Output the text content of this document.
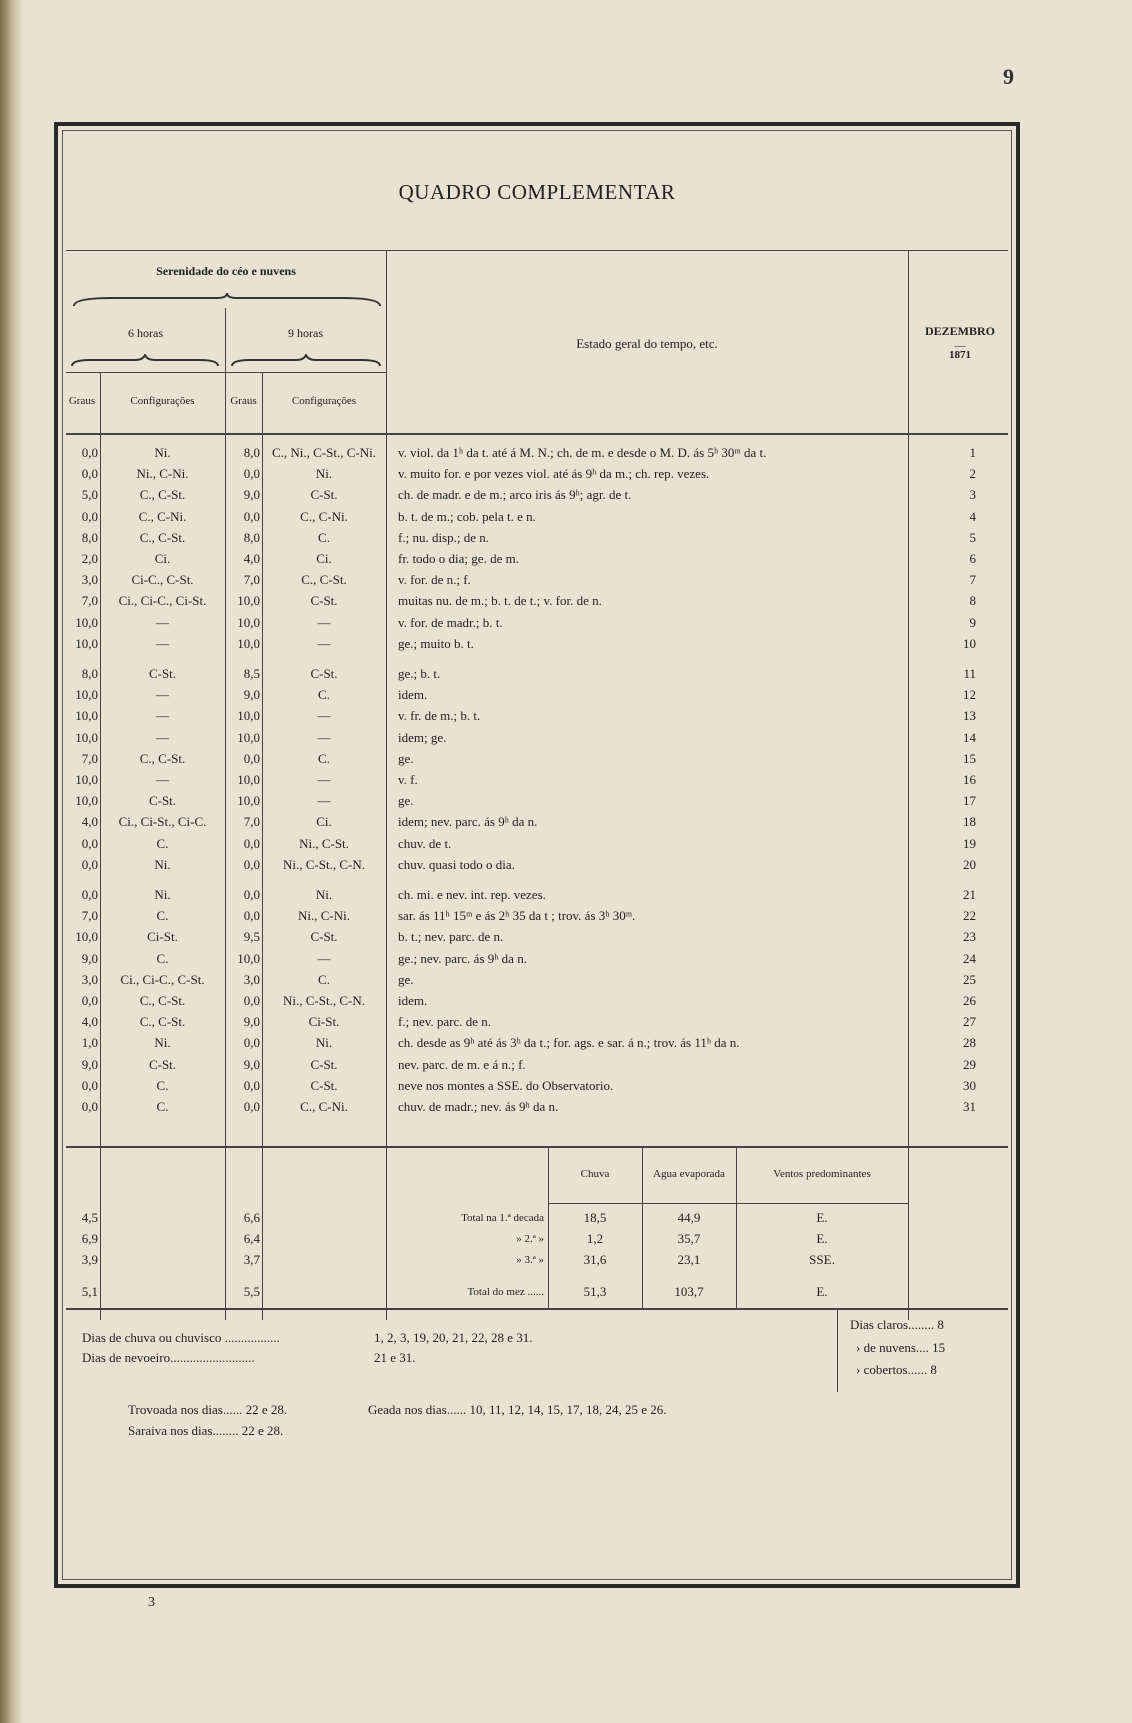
9
QUADRO COMPLEMENTAR
Serenidade do céo e nuvens
6 horas	9 horas
Estado geral do tempo, etc.
DEZEMBRO
—
1871
Graus	Configurações	Graus	Configurações
0,0	Ni.	8,0 C., Ni., C-St., C-Ni.	v. viol. da 1ʰ da t. até á M. N.; ch. de m. e desde o M. D. ás 5ʰ 30ᵐ da t.	1
0,0	Ni., C-Ni.	0,0	Ni.	v. muito for. e por vezes viol. até ás 9ʰ da m.; ch. rep. vezes.	2
5,0	C., C-St.	9,0	C-St.	ch. de madr. e de m.; arco iris ás 9ʰ; agr. de t.	3
0,0	C., C-Ni.	0,0	C., C-Ni.	b. t. de m.; cob. pela t. e n.	4
8,0	C., C-St.	8,0	C.	f.; nu. disp.; de n.	5
2,0	Ci.	4,0	Ci.	fr. todo o dia; ge. de m.	6
3,0	Ci-C., C-St.	7,0	C., C-St.	v. for. de n.; f.	7
7,0	Ci., Ci-C., Ci-St.	10,0	C-St.	muitas nu. de m.; b. t. de t.; v. for. de n.	8
10,0	—	10,0	—	v. for. de madr.; b. t.	9
10,0	—	10,0	—	ge.; muito b. t.	10
8,0	C-St.	8,5	C-St.	ge.; b. t.	11
10,0	—	9,0	C.	idem.	12
10,0	—	10,0	—	v. fr. de m.; b. t.	13
10,0	—	10,0	—	idem; ge.	14
7,0	C., C-St.	0,0	C.	ge.	15
10,0	—	10,0	—	v. f.	16
10,0	C-St.	10,0	—	ge.	17
4,0	Ci., Ci-St., Ci-C.	7,0	Ci.	idem; nev. parc. ás 9ʰ da n.	18
0,0	C.	0,0	Ni., C-St.	chuv. de t.	19
0,0	Ni.	0,0	Ni., C-St., C-N.	chuv. quasi todo o dia.	20
0,0	Ni.	0,0	Ni.	ch. mi. e nev. int. rep. vezes.	21
7,0	C.	0,0	Ni., C-Ni.	sar. ás 11ʰ 15ᵐ e ás 2ʰ 35 da t ; trov. ás 3ʰ 30ᵐ.	22
10,0	Ci-St.	9,5	C-St.	b. t.; nev. parc. de n.	23
9,0	C.	10,0	—	ge.; nev. parc. ás 9ʰ da n.	24
3,0	Ci., Ci-C., C-St.	3,0	C.	ge.	25
0,0	C., C-St.	0,0	Ni., C-St., C-N.	idem.	26
4,0	C., C-St.	9,0	Ci-St.	f.; nev. parc. de n.	27
1,0	Ni.	0,0	Ni.	ch. desde as 9ʰ até ás 3ʰ da t.; for. ags. e sar. á n.; trov. ás 11ʰ da n.	28
9,0	C-St.	9,0	C-St.	nev. parc. de m. e á n.; f.	29
0,0	C.	0,0	C-St.	neve nos montes a SSE. do Observatorio.	30
0,0	C.	0,0	C., C-Ni.	chuv. de madr.; nev. ás 9ʰ da n.	31
Chuva	Agua evaporada	Ventos predominantes
4,5	6,6	Total na 1.ª decada	18,5	44,9	E.
6,9	6,4	» 2.ª »	1,2	35,7	E.
3,9	3,7	» 3.ª »	31,6	23,1	SSE.
5,1	5,5	Total do mez ......	51,3	103,7	E.
Dias de chuva ou chuvisco .................	1, 2, 3, 19, 20, 21, 22, 28 e 31.
Dias de nevoeiro..........................	21 e 31.
Dias claros........ 8
› de nuvens.... 15
› cobertos...... 8
Trovoada nos dias...... 22 e 28.	Geada nos dias...... 10, 11, 12, 14, 15, 17, 18, 24, 25 e 26.
Saraiva nos dias........ 22 e 28.
3
